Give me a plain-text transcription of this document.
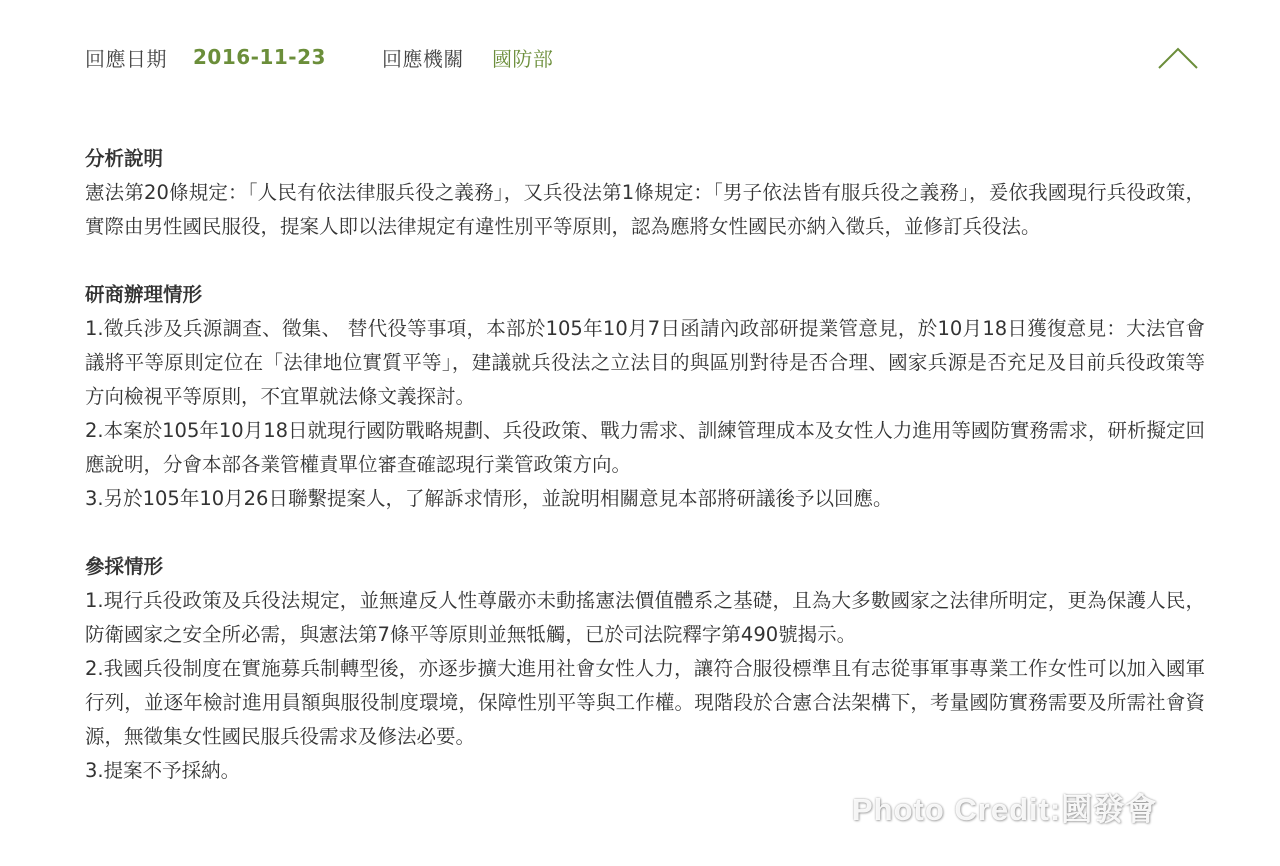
回應日期 2016-11-23	回應機關 國防部

分析說明

憲法第20條規定：「人民有依法律服兵役之義務」，又兵役法第1條規定：「男子依法皆有服兵役之義務」，爰依我國現行兵役政策，實際由男性國民服役，提案人即以法律規定有違性別平等原則，認為應將女性國民亦納入徵兵，並修訂兵役法。

研商辦理情形

1.徵兵涉及兵源調查、徵集、 替代役等事項，本部於105年10月7日函請內政部研提業管意見，於10月18日獲復意見：大法官會議將平等原則定位在「法律地位實質平等」，建議就兵役法之立法目的與區別對待是否合理、國家兵源是否充足及目前兵役政策等方向檢視平等原則，不宜單就法條文義探討。

2.本案於105年10月18日就現行國防戰略規劃、兵役政策、戰力需求、訓練管理成本及女性人力進用等國防實務需求，研析擬定回應說明，分會本部各業管權責單位審查確認現行業管政策方向。

3.另於105年10月26日聯繫提案人，了解訴求情形，並說明相關意見本部將研議後予以回應。

參採情形

1.現行兵役政策及兵役法規定，並無違反人性尊嚴亦未動搖憲法價值體系之基礎，且為大多數國家之法律所明定，更為保護人民，防衛國家之安全所必需，與憲法第7條平等原則並無牴觸，已於司法院釋字第490號揭示。

2.我國兵役制度在實施募兵制轉型後，亦逐步擴大進用社會女性人力，讓符合服役標準且有志從事軍事專業工作女性可以加入國軍行列，並逐年檢討進用員額與服役制度環境，保障性別平等與工作權。現階段於合憲合法架構下，考量國防實務需要及所需社會資源，無徵集女性國民服兵役需求及修法必要。

3.提案不予採納。

Photo Credit:國發會
